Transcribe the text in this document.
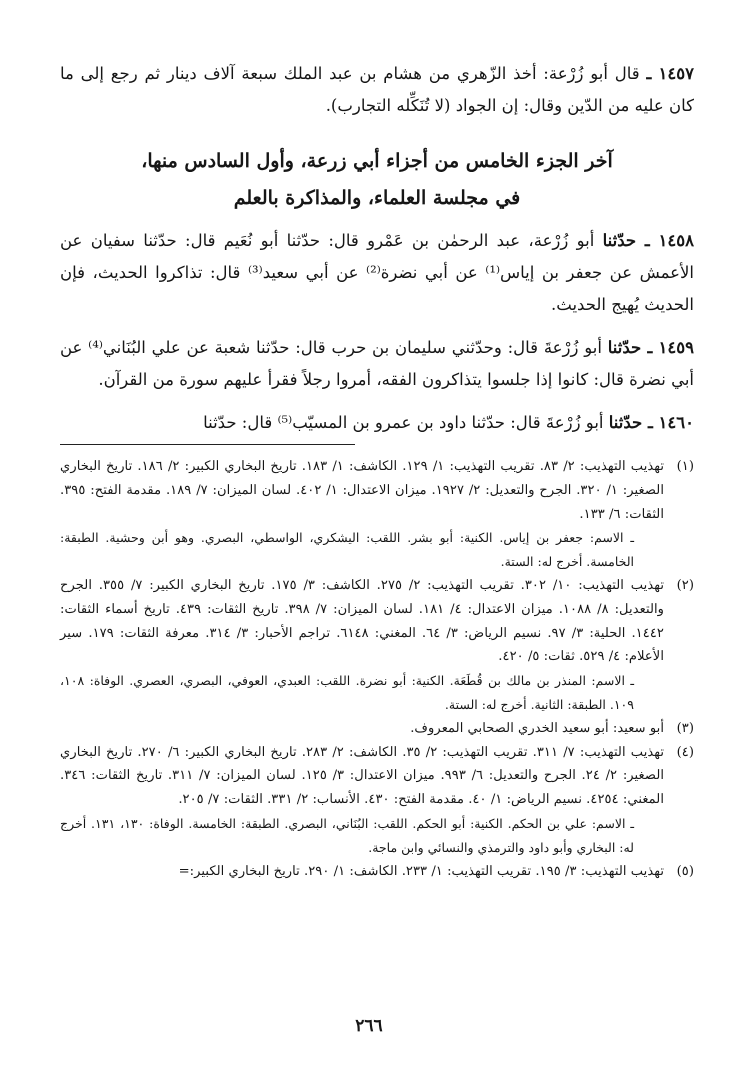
١٤٥٧ ـ قال أبو زُرْعة: أخذ الزّهري من هشام بن عبد الملك سبعة آلاف دينار ثم رجع إلى ما كان عليه من الدّين وقال: إن الجواد (لا تُنَكِّله التجارب).

آخر الجزء الخامس من أجزاء أبي زرعة، وأول السادس منها،
في مجلسة العلماء، والمذاكرة بالعلم

١٤٥٨ ـ حدّثنا أبو زُرْعة، عبد الرحمٰن بن عَمْرو قال: حدّثنا أبو نُعَيم قال: حدّثنا سفيان عن الأعمش عن جعفر بن إياس⁽¹⁾ عن أبي نضرة⁽²⁾ عن أبي سعيد⁽³⁾ قال: تذاكروا الحديث، فإن الحديث يُهيج الحديث.

١٤٥٩ ـ حدّثنا أبو زُرْعةَ قال: وحدّثني سليمان بن حرب قال: حدّثنا شعبة عن علي البُنَاني⁽⁴⁾ عن أبي نضرة قال: كانوا إذا جلسوا يتذاكرون الفقه، أمروا رجلاً فقرأ عليهم سورة من القرآن.

١٤٦٠ ـ حدّثنا أبو زُرْعةَ قال: حدّثنا داود بن عمرو بن المسيّب⁽⁵⁾ قال: حدّثنا

(١)
تهذيب التهذيب: ٢/ ٨٣. تقريب التهذيب: ١/ ١٢٩. الكاشف: ١/ ١٨٣. تاريخ البخاري الكبير: ٢/ ١٨٦. تاريخ البخاري الصغير: ١/ ٣٢٠. الجرح والتعديل: ٢/ ١٩٢٧. ميزان الاعتدال: ١/ ٤٠٢. لسان الميزان: ٧/ ١٨٩. مقدمة الفتح: ٣٩٥. الثقات: ٦/ ١٣٣.
ـ الاسم: جعفر بن إياس. الكنية: أبو بشر. اللقب: اليشكري، الواسطي، البصري. وهو أبن وحشية. الطبقة: الخامسة. أخرج له: الستة.
(٢)
تهذيب التهذيب: ١٠/ ٣٠٢. تقريب التهذيب: ٢/ ٢٧٥. الكاشف: ٣/ ١٧٥. تاريخ البخاري الكبير: ٧/ ٣٥٥. الجرح والتعديل: ٨/ ١٠٨٨. ميزان الاعتدال: ٤/ ١٨١. لسان الميزان: ٧/ ٣٩٨. تاريخ الثقات: ٤٣٩. تاريخ أسماء الثقات: ١٤٤٢. الحلية: ٣/ ٩٧. نسيم الرياض: ٣/ ٦٤. المغني: ٦١٤٨. تراجم الأحبار: ٣/ ٣١٤. معرفة الثقات: ١٧٩. سير الأعلام: ٤/ ٥٢٩. ثقات: ٥/ ٤٢٠.
ـ الاسم: المنذر بن مالك بن قُطَعَة. الكنية: أبو نضرة. اللقب: العبدي، العوفي، البصري، العصري. الوفاة: ١٠٨، ١٠٩. الطبقة: الثانية. أخرج له: الستة.
(٣)
أبو سعيد: أبو سعيد الخدري الصحابي المعروف.
(٤)
تهذيب التهذيب: ٧/ ٣١١. تقريب التهذيب: ٢/ ٣٥. الكاشف: ٢/ ٢٨٣. تاريخ البخاري الكبير: ٦/ ٢٧٠. تاريخ البخاري الصغير: ٢/ ٢٤. الجرح والتعديل: ٦/ ٩٩٣. ميزان الاعتدال: ٣/ ١٢٥. لسان الميزان: ٧/ ٣١١. تاريخ الثقات: ٣٤٦. المغني: ٤٢٥٤. نسيم الرياض: ١/ ٤٠. مقدمة الفتح: ٤٣٠. الأنساب: ٢/ ٣٣١. الثقات: ٧/ ٢٠٥.
ـ الاسم: علي بن الحكم. الكنية: أبو الحكم. اللقب: البُنَاني، البصري. الطبقة: الخامسة. الوفاة: ١٣٠، ١٣١. أخرج له: البخاري وأبو داود والترمذي والنسائي وابن ماجة.
(٥)
تهذيب التهذيب: ٣/ ١٩٥. تقريب التهذيب: ١/ ٢٣٣. الكاشف: ١/ ٢٩٠. تاريخ البخاري الكبير:=
٢٦٦
